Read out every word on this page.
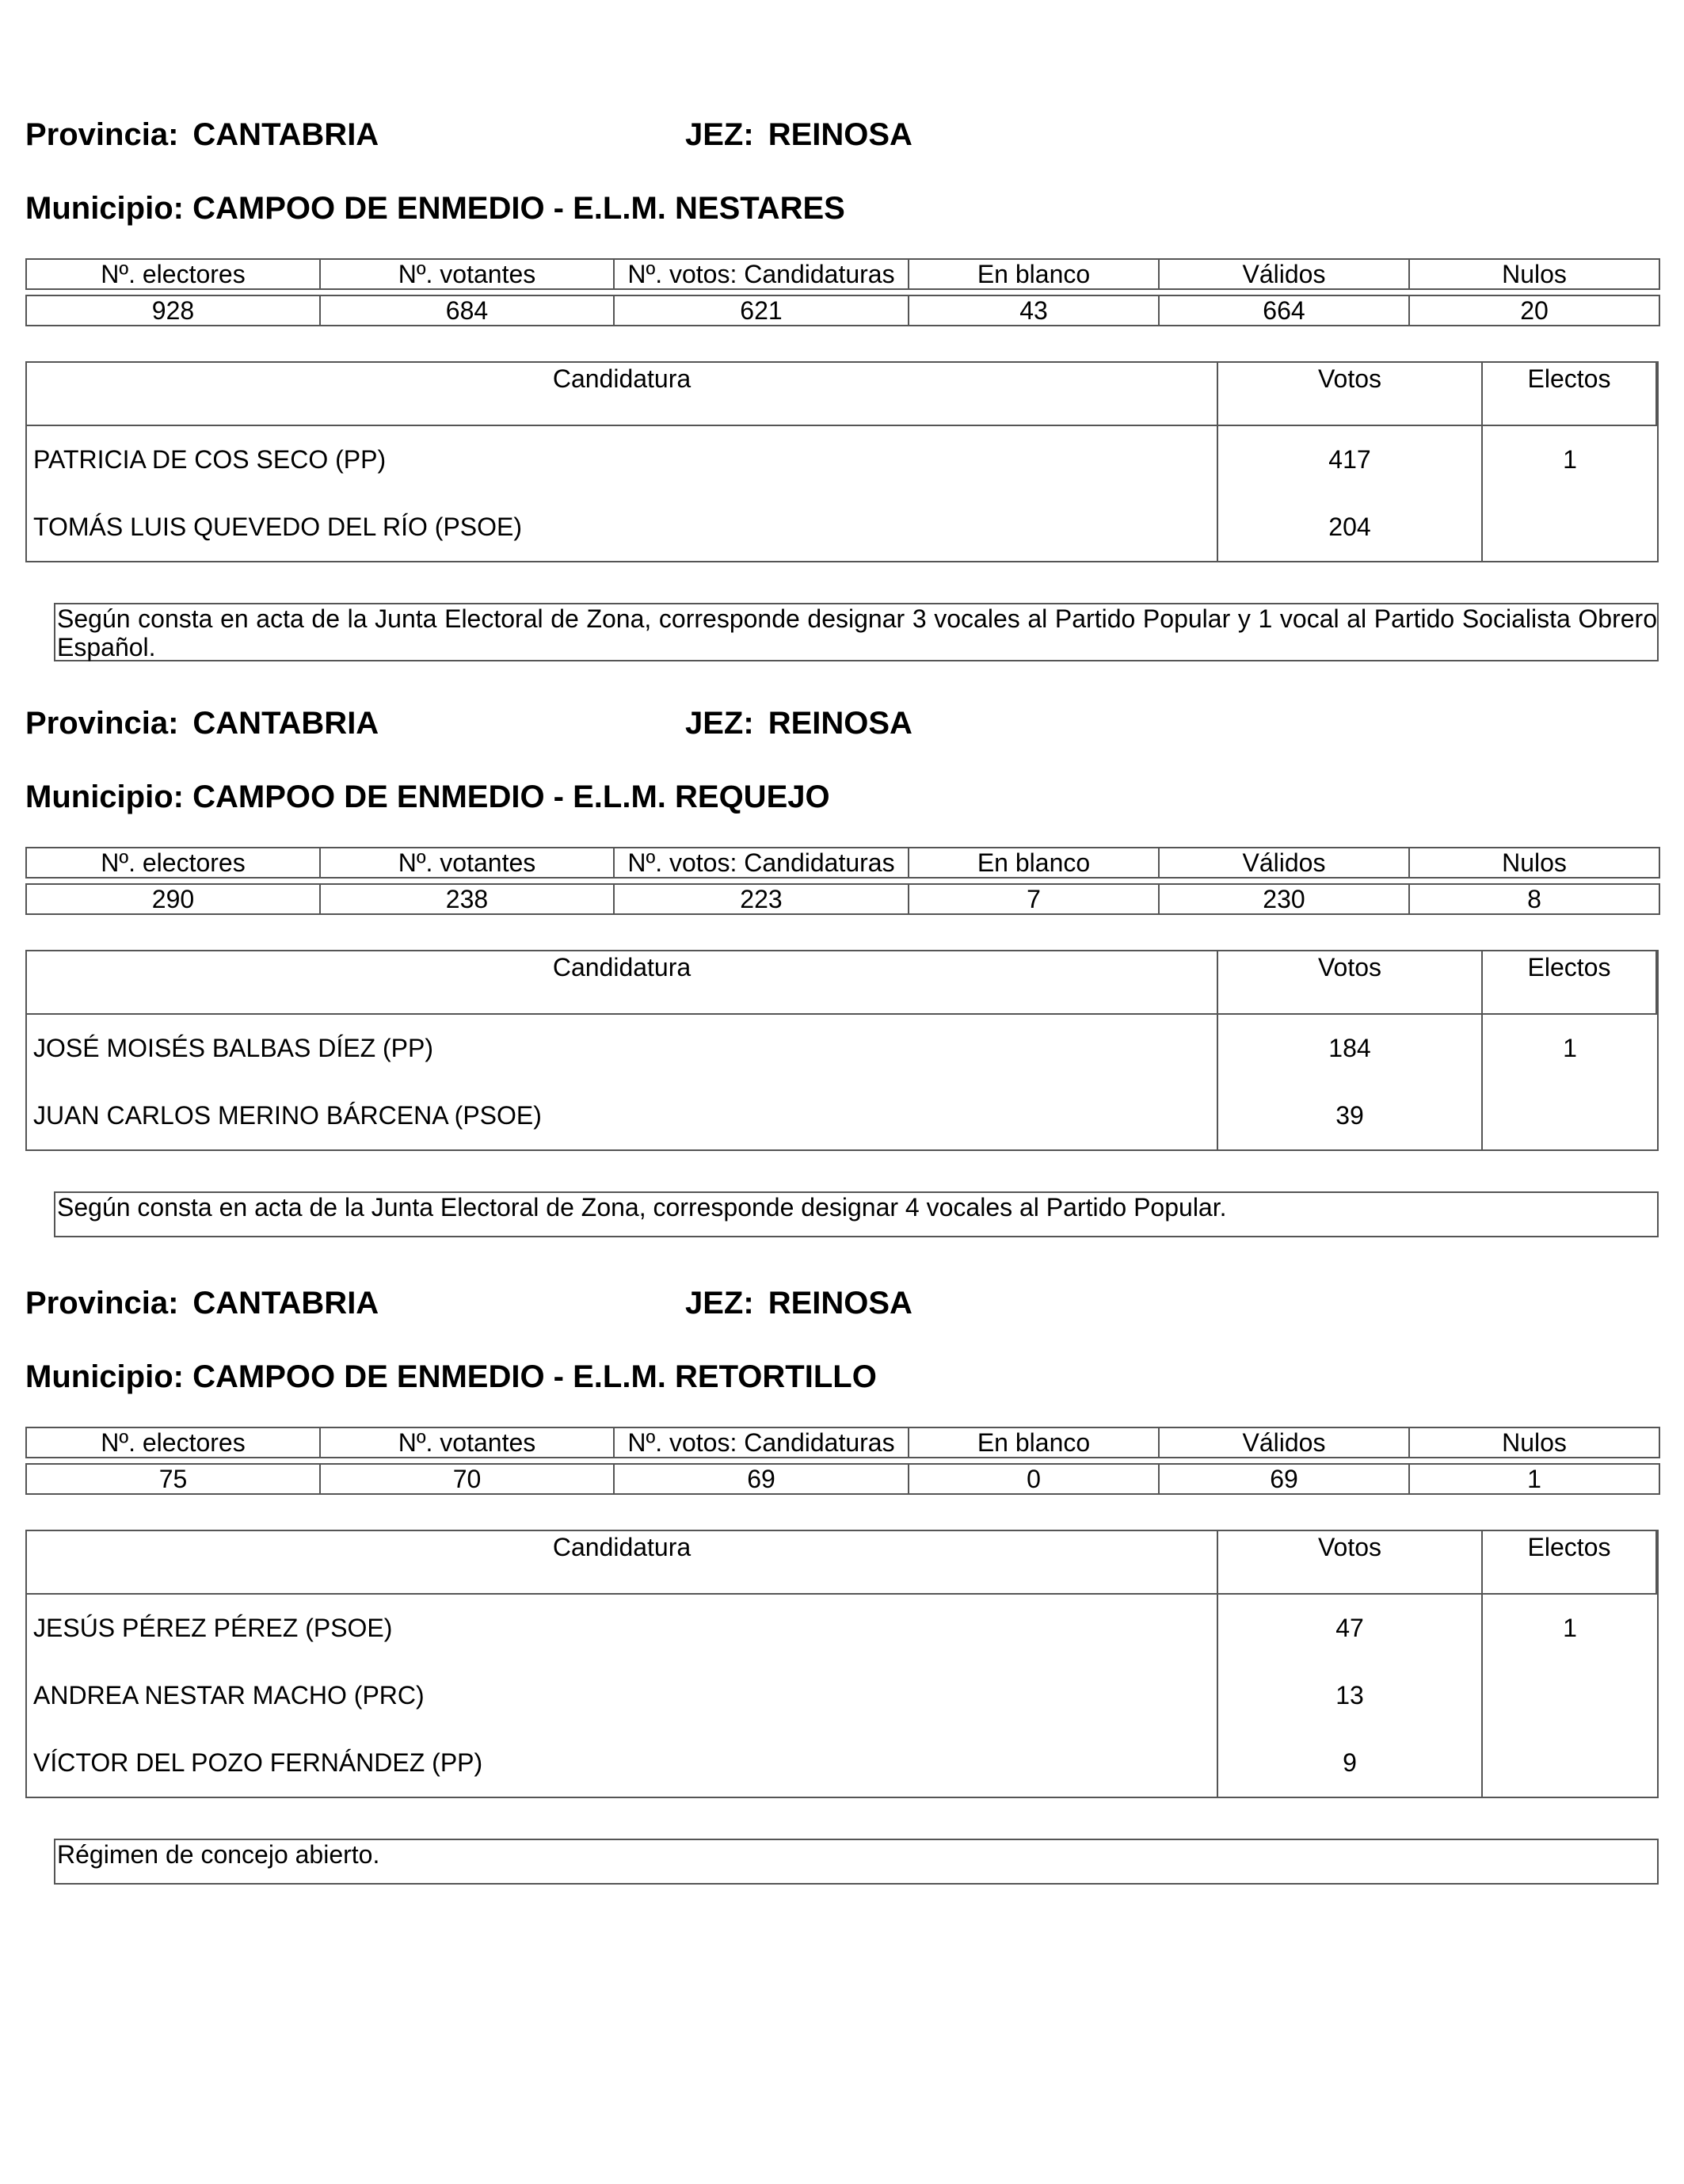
Provincia: CANTABRIA	JEZ: REINOSA
Municipio: CAMPOO DE ENMEDIO - E.L.M. NESTARES
Nº. electores	Nº. votantes	Nº. votos: Candidaturas	En blanco	Válidos	Nulos

928	684	621	43	664	20
Candidatura	Votos	Electos
PATRICIA DE COS SECO (PP)	417	1
TOMÁS LUIS QUEVEDO DEL RÍO (PSOE)	204
Según consta en acta de la Junta Electoral de Zona, corresponde designar 3 vocales al Partido Popular y 1 vocal al Partido Socialista Obrero Español.
Provincia: CANTABRIA	JEZ: REINOSA
Municipio: CAMPOO DE ENMEDIO - E.L.M. REQUEJO
Nº. electores	Nº. votantes	Nº. votos: Candidaturas	En blanco	Válidos	Nulos

290	238	223	7	230	8
Candidatura	Votos	Electos
JOSÉ MOISÉS BALBAS DÍEZ (PP)	184	1
JUAN CARLOS MERINO BÁRCENA (PSOE)	39
Según consta en acta de la Junta Electoral de Zona, corresponde designar 4 vocales al Partido Popular.
Provincia: CANTABRIA	JEZ: REINOSA
Municipio: CAMPOO DE ENMEDIO - E.L.M. RETORTILLO
Nº. electores	Nº. votantes	Nº. votos: Candidaturas	En blanco	Válidos	Nulos

75	70	69	0	69	1
Candidatura	Votos	Electos
JESÚS PÉREZ PÉREZ (PSOE)	47	1
ANDREA NESTAR MACHO (PRC)	13
VÍCTOR DEL POZO FERNÁNDEZ (PP)	9
Régimen de concejo abierto.
